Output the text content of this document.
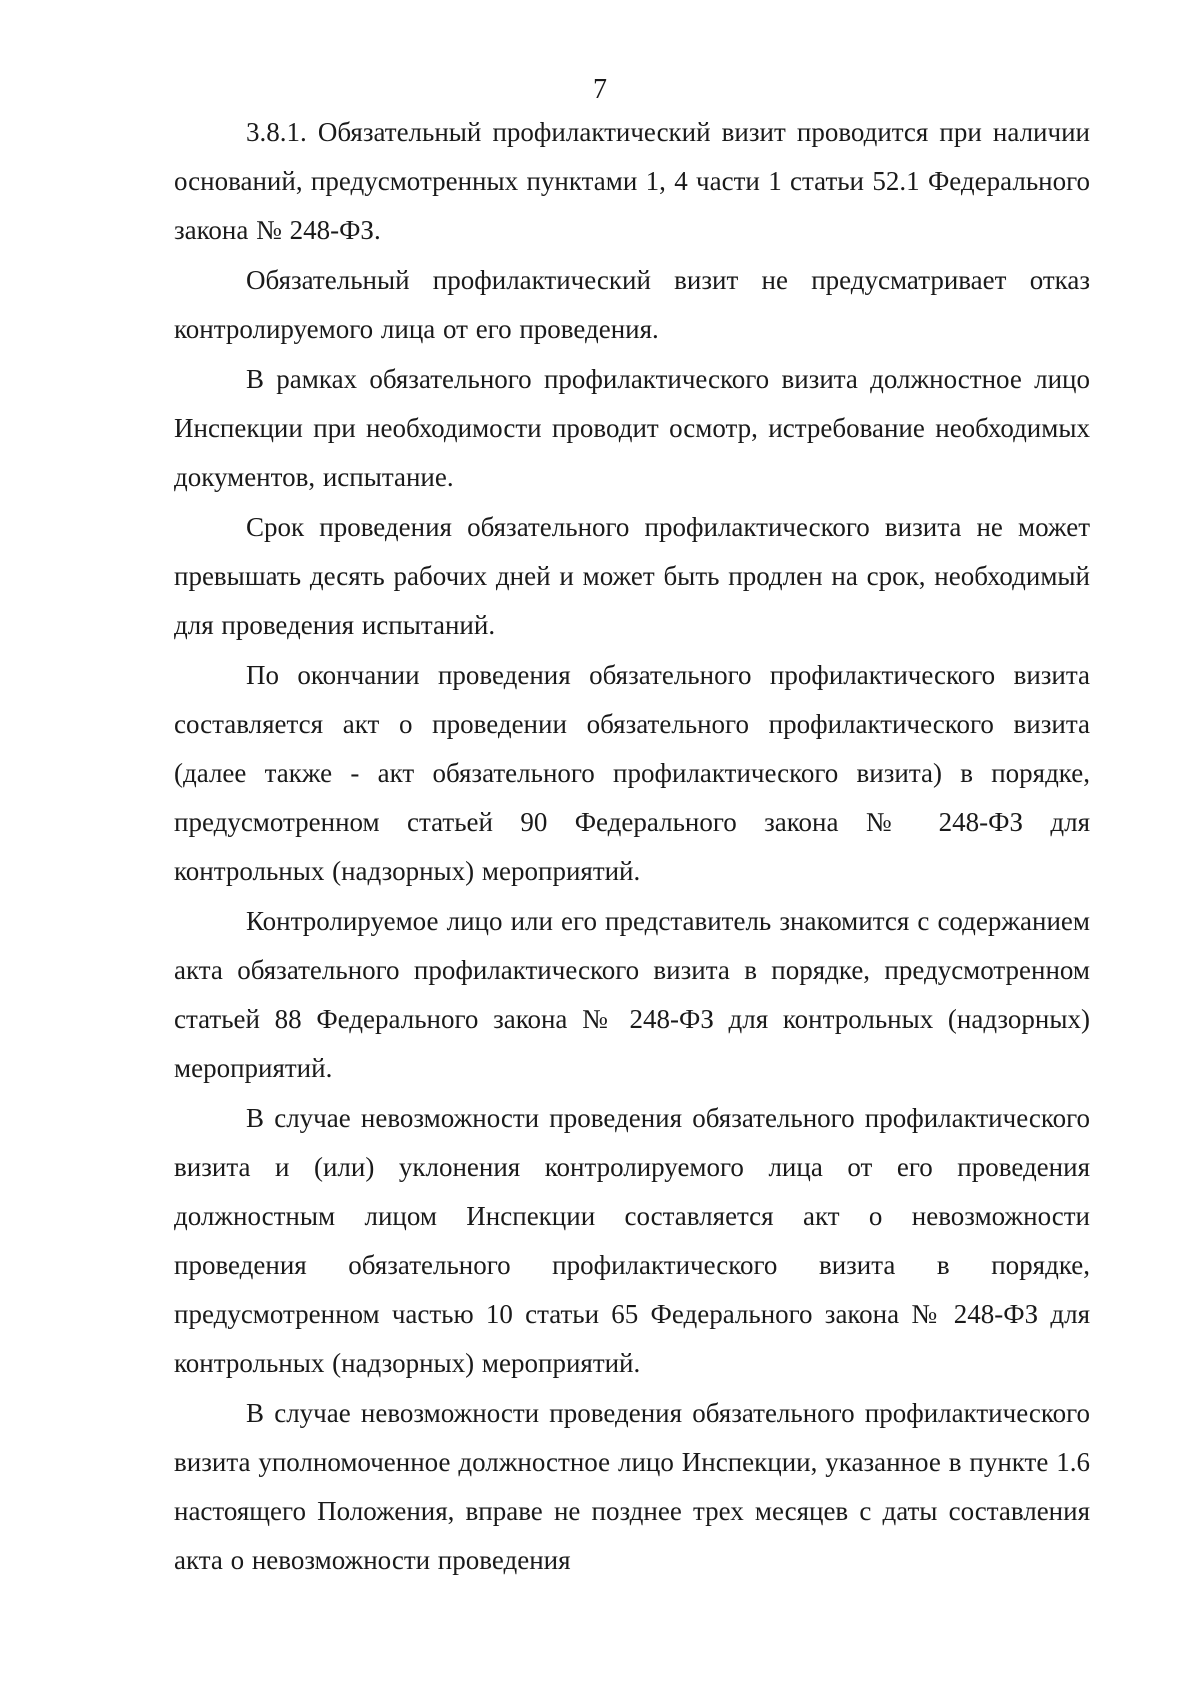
7

3.8.1. Обязательный профилактический визит проводится при наличии оснований, предусмотренных пунктами 1, 4 части 1 статьи 52.1 Федерального закона № 248-ФЗ.

Обязательный профилактический визит не предусматривает отказ контролируемого лица от его проведения.

В рамках обязательного профилактического визита должностное лицо Инспекции при необходимости проводит осмотр, истребование необходимых документов, испытание.

Срок проведения обязательного профилактического визита не может превышать десять рабочих дней и может быть продлен на срок, необходимый для проведения испытаний.

По окончании проведения обязательного профилактического визита составляется акт о проведении обязательного профилактического визита (далее также - акт обязательного профилактического визита) в порядке, предусмотренном статьей 90 Федерального закона № 248-ФЗ для контрольных (надзорных) мероприятий.

Контролируемое лицо или его представитель знакомится с содержанием акта обязательного профилактического визита в порядке, предусмотренном статьей 88 Федерального закона № 248-ФЗ для контрольных (надзорных) мероприятий.

В случае невозможности проведения обязательного профилактического визита и (или) уклонения контролируемого лица от его проведения должностным лицом Инспекции составляется акт о невозможности проведения обязательного профилактического визита в порядке, предусмотренном частью 10 статьи 65 Федерального закона № 248-ФЗ для контрольных (надзорных) мероприятий.

В случае невозможности проведения обязательного профилактического визита уполномоченное должностное лицо Инспекции, указанное в пункте 1.6 настоящего Положения, вправе не позднее трех месяцев с даты составления акта о невозможности проведения
